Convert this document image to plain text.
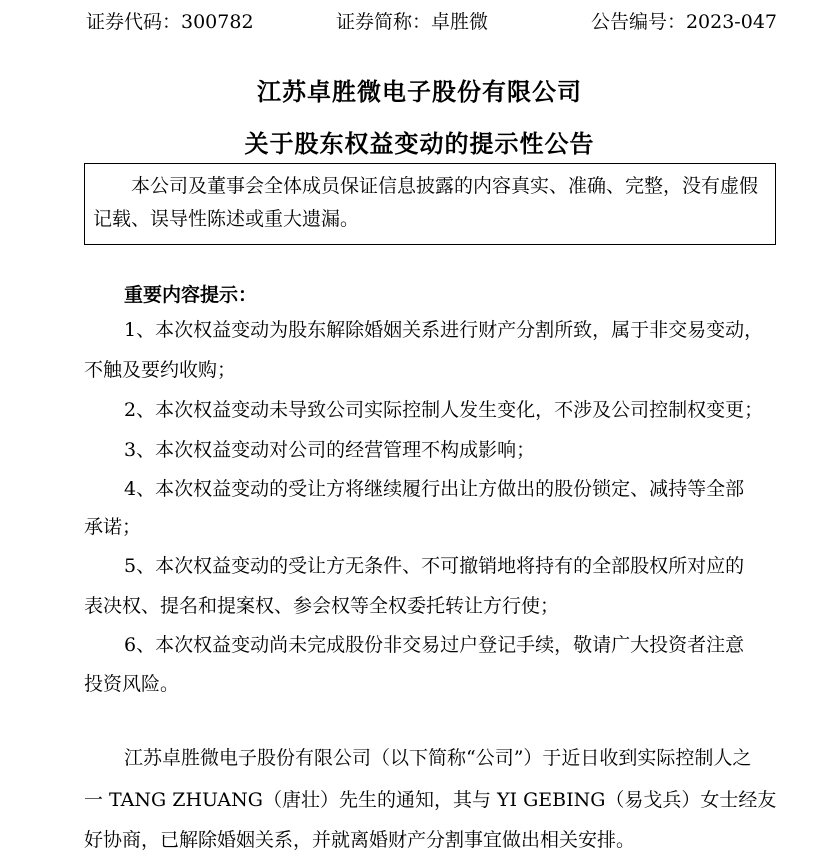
证券代码：300782	证券简称：卓胜微	公告编号：2023-047
江苏卓胜微电子股份有限公司
关于股东权益变动的提示性公告
本公司及董事会全体成员保证信息披露的内容真实、准确、完整，没有虚假
记载、误导性陈述或重大遗漏。
重要内容提示：
1、本次权益变动为股东解除婚姻关系进行财产分割所致，属于非交易变动，
不触及要约收购；
2、本次权益变动未导致公司实际控制人发生变化，不涉及公司控制权变更；
3、本次权益变动对公司的经营管理不构成影响；
4、本次权益变动的受让方将继续履行出让方做出的股份锁定、减持等全部
承诺；
5、本次权益变动的受让方无条件、不可撤销地将持有的全部股权所对应的
表决权、提名和提案权、参会权等全权委托转让方行使；
6、本次权益变动尚未完成股份非交易过户登记手续，敬请广大投资者注意
投资风险。
江苏卓胜微电子股份有限公司（以下简称“公司”）于近日收到实际控制人之
一 TANG ZHUANG（唐壮）先生的通知，其与 YI GEBING（易戈兵）女士经友
好协商，已解除婚姻关系，并就离婚财产分割事宜做出相关安排。
